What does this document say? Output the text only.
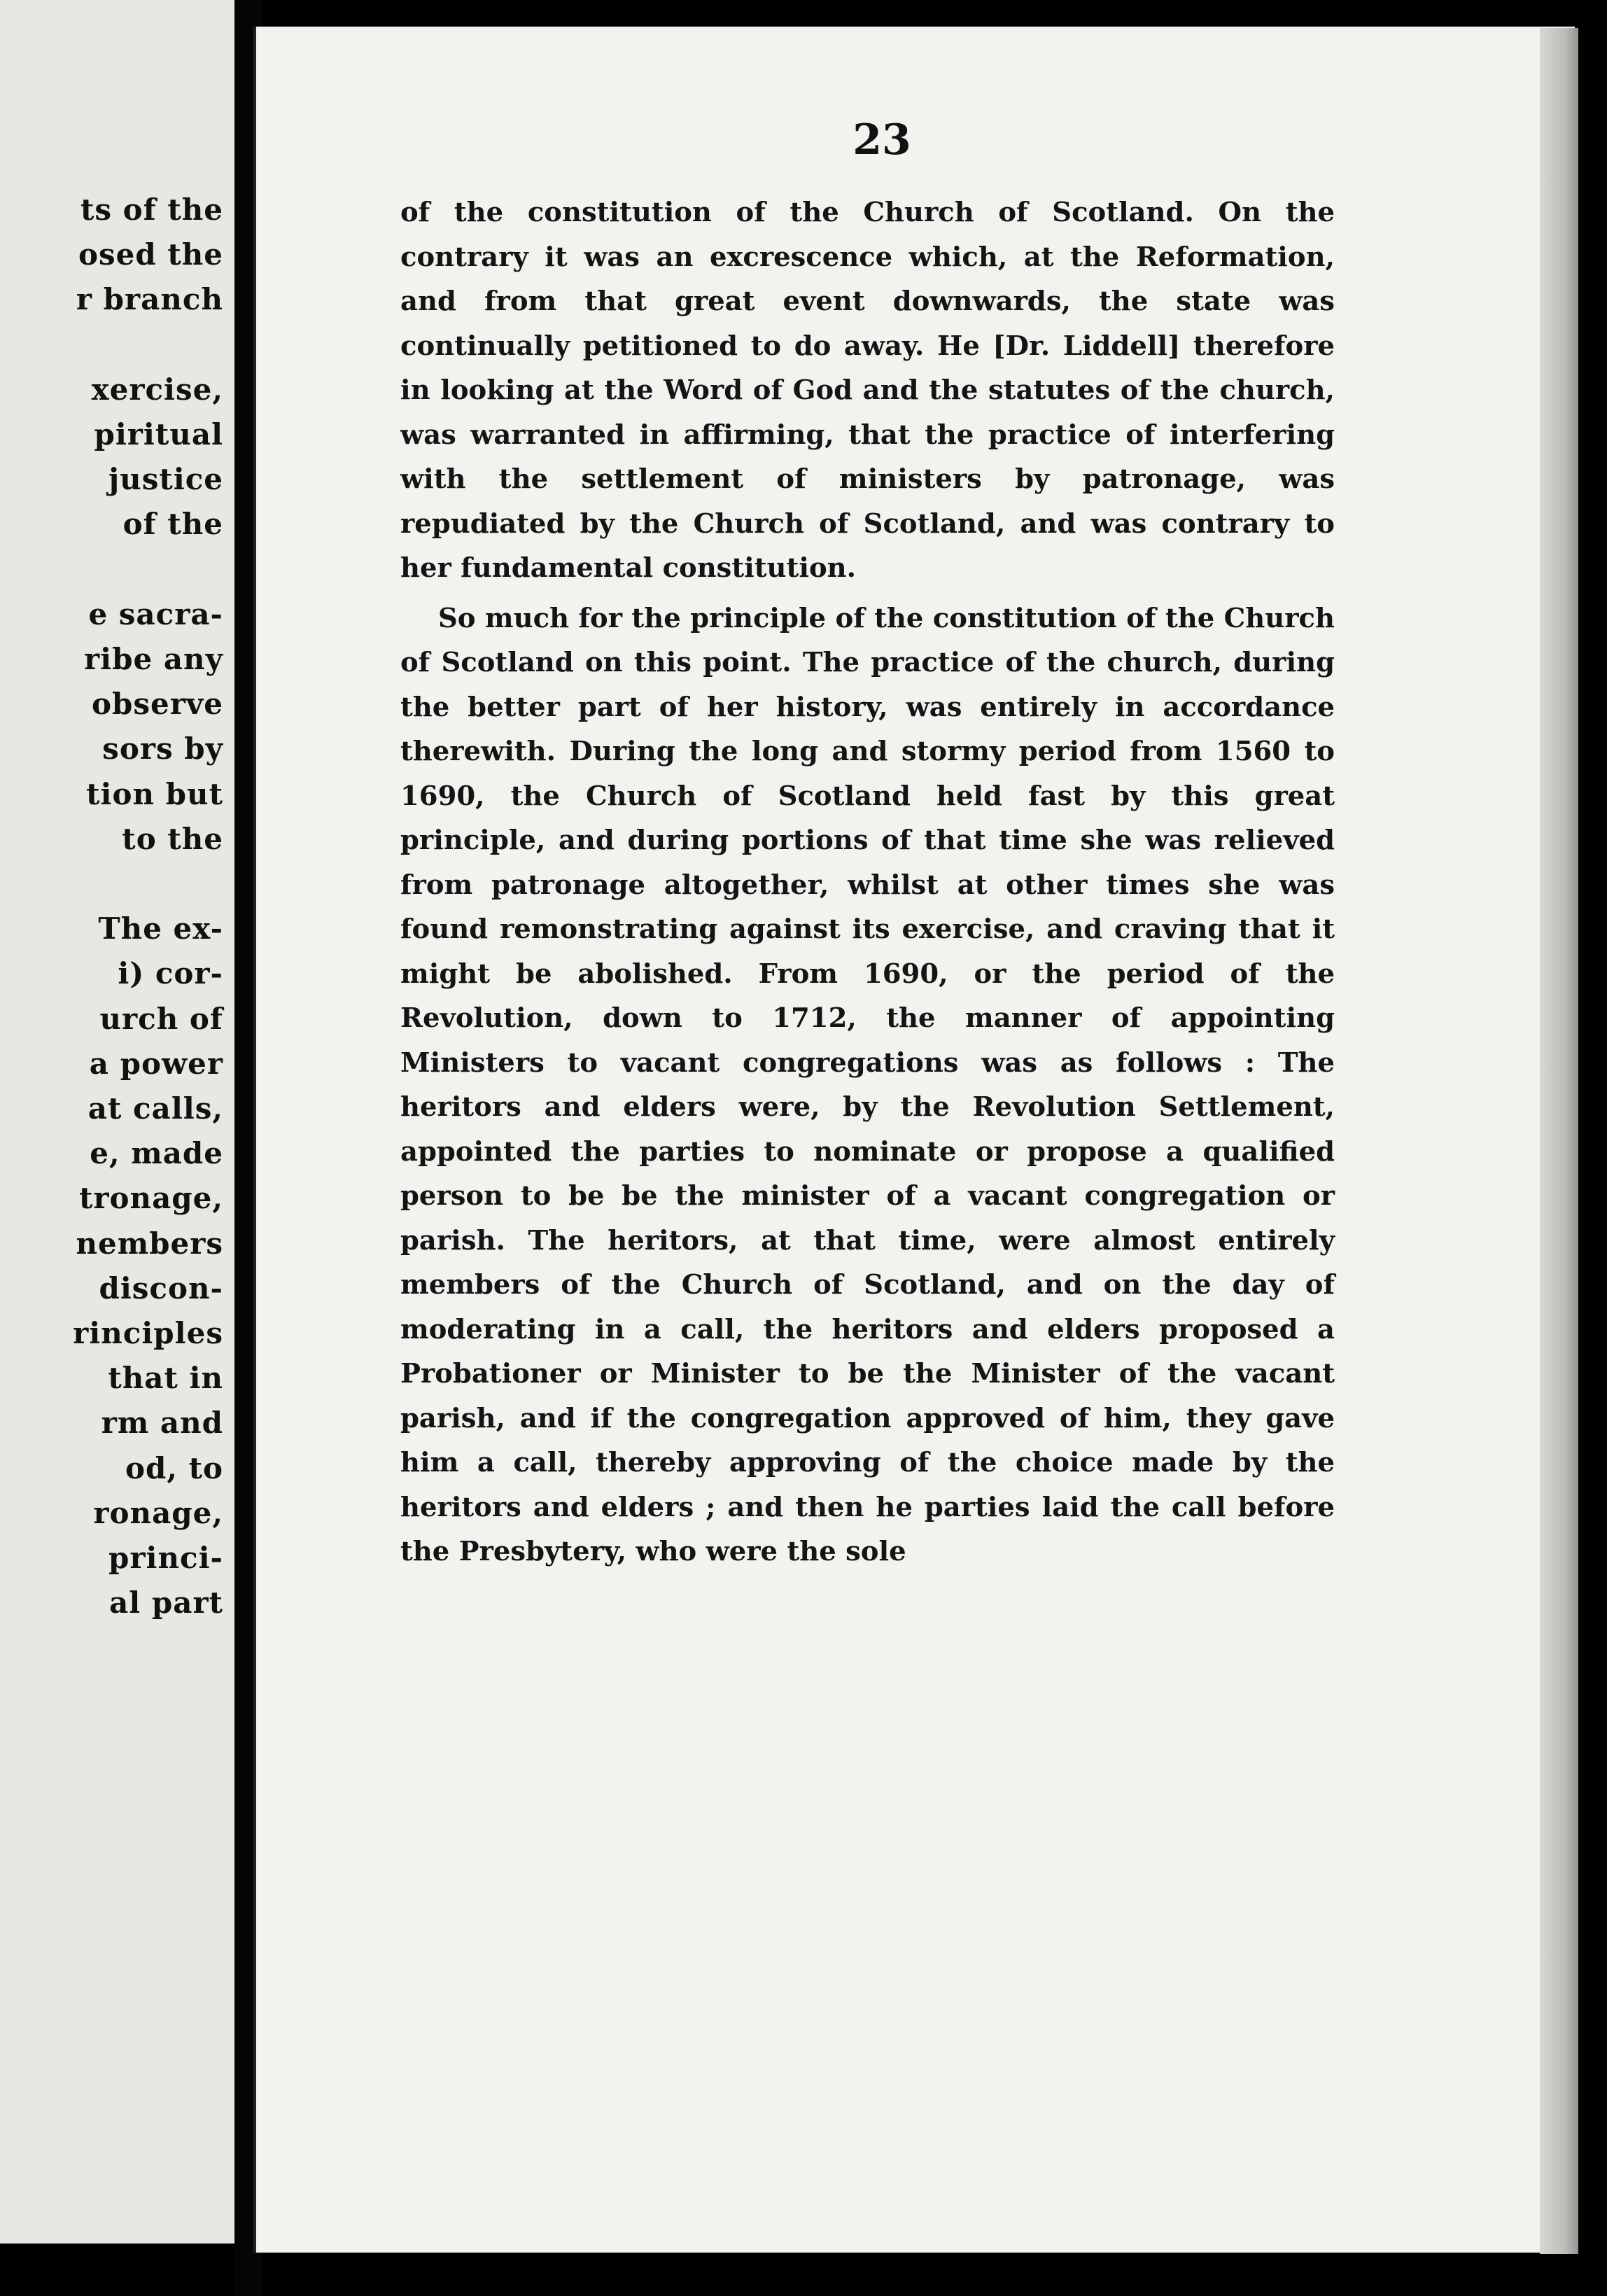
ts of the
osed the
r branch
xercise,
piritual
justice
of the
e sacra-
ribe any
observe
sors by
tion but
to the
The ex-
i) cor-
urch of
a power
at calls,
e, made
tronage,
nembers
discon-
rinciples
that in
rm and
od, to
ronage,
princi-
al part
23

of the constitution of the Church of Scotland. On the contrary it was an excrescence which, at the Reformation, and from that great event downwards, the state was continually petitioned to do away. He [Dr. Liddell] therefore in looking at the Word of God and the statutes of the church, was warranted in affirming, that the practice of interfering with the settlement of ministers by patronage, was repudiated by the Church of Scotland, and was contrary to her fundamental constitution.

So much for the principle of the constitution of the Church of Scotland on this point. The practice of the church, during the better part of her history, was entirely in accordance therewith. During the long and stormy period from 1560 to 1690, the Church of Scotland held fast by this great principle, and during portions of that time she was relieved from patronage altogether, whilst at other times she was found remonstrating against its exercise, and craving that it might be abolished. From 1690, or the period of the Revolution, down to 1712, the manner of appointing Ministers to vacant congregations was as follows : The heritors and elders were, by the Revolution Settlement, appointed the parties to nominate or propose a qualified person to be be the minister of a vacant congregation or parish. The heritors, at that time, were almost entirely members of the Church of Scotland, and on the day of moderating in a call, the heritors and elders proposed a Probationer or Minister to be the Minister of the vacant parish, and if the congregation approved of him, they gave him a call, thereby approving of the choice made by the heritors and elders ; and then he parties laid the call before the Presbytery, who were the sole
